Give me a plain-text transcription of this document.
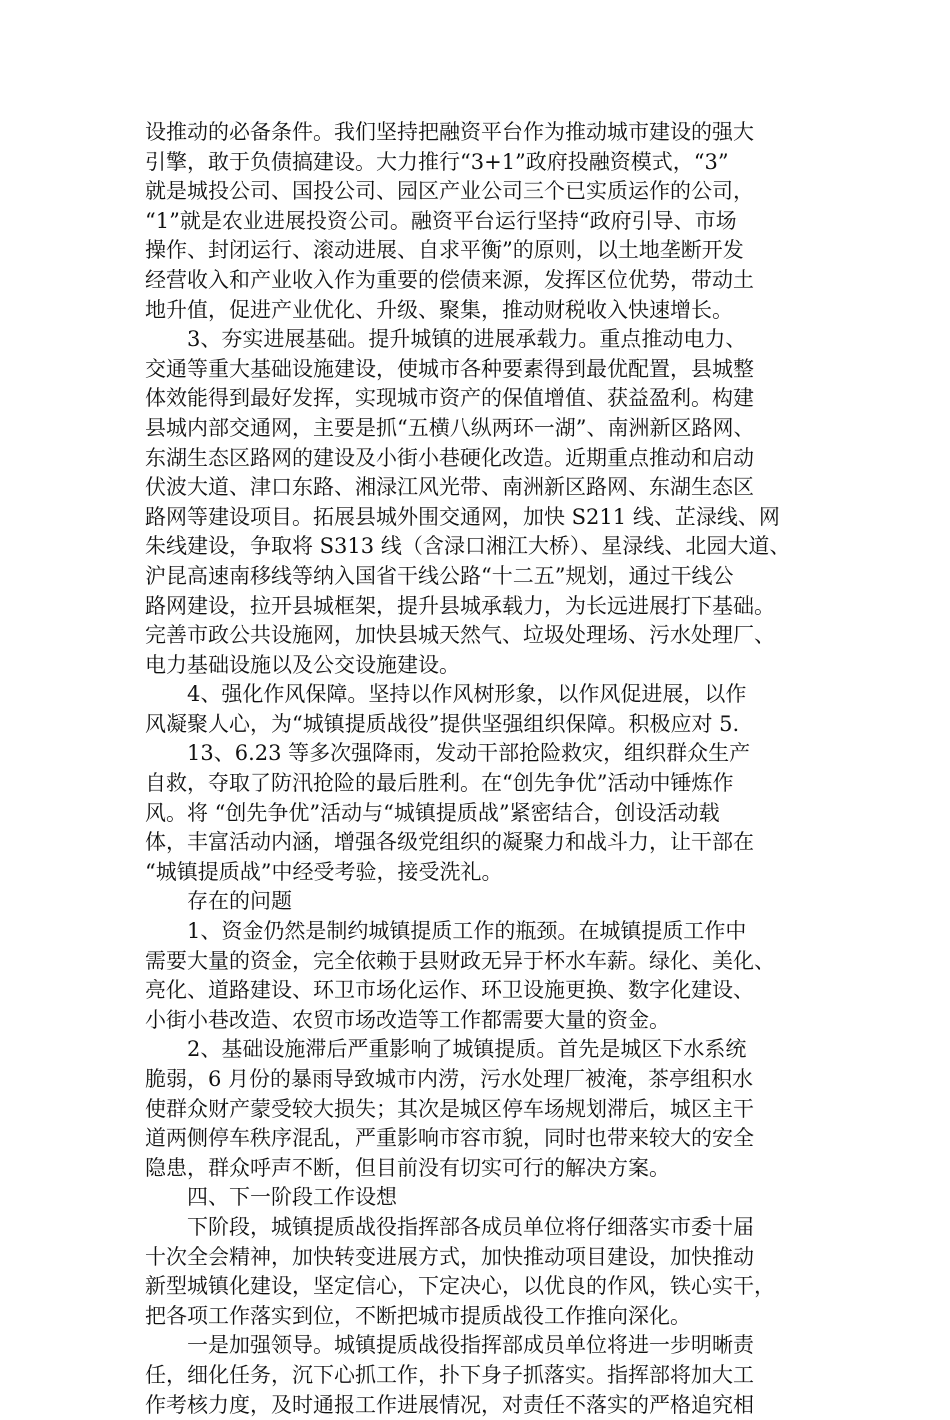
设推动的必备条件。我们坚持把融资平台作为推动城市建设的强大
引擎，敢于负债搞建设。大力推行“3+1”政府投融资模式，“3”
就是城投公司、国投公司、园区产业公司三个已实质运作的公司，
“1”就是农业进展投资公司。融资平台运行坚持“政府引导、市场
操作、封闭运行、滚动进展、自求平衡”的原则，以土地垄断开发
经营收入和产业收入作为重要的偿债来源，发挥区位优势，带动土
地升值，促进产业优化、升级、聚集，推动财税收入快速增长。
3、夯实进展基础。提升城镇的进展承载力。重点推动电力、
交通等重大基础设施建设，使城市各种要素得到最优配置，县城整
体效能得到最好发挥，实现城市资产的保值增值、获益盈利。构建
县城内部交通网，主要是抓“五横八纵两环一湖”、南洲新区路网、
东湖生态区路网的建设及小街小巷硬化改造。近期重点推动和启动
伏波大道、津口东路、湘渌江风光带、南洲新区路网、东湖生态区
路网等建设项目。拓展县城外围交通网，加快 S211 线、芷渌线、网
朱线建设，争取将 S313 线（含渌口湘江大桥）、星渌线、北园大道、
沪昆高速南移线等纳入国省干线公路“十二五”规划，通过干线公
路网建设，拉开县城框架，提升县城承载力，为长远进展打下基础。
完善市政公共设施网，加快县城天然气、垃圾处理场、污水处理厂、
电力基础设施以及公交设施建设。
4、强化作风保障。坚持以作风树形象，以作风促进展，以作
风凝聚人心，为“城镇提质战役”提供坚强组织保障。积极应对 5.
13、6.23 等多次强降雨，发动干部抢险救灾，组织群众生产
自救，夺取了防汛抢险的最后胜利。在“创先争优”活动中锤炼作
风。将 “创先争优”活动与“城镇提质战”紧密结合，创设活动载
体，丰富活动内涵，增强各级党组织的凝聚力和战斗力，让干部在
“城镇提质战”中经受考验，接受洗礼。
存在的问题
1、资金仍然是制约城镇提质工作的瓶颈。在城镇提质工作中
需要大量的资金，完全依赖于县财政无异于杯水车薪。绿化、美化、
亮化、道路建设、环卫市场化运作、环卫设施更换、数字化建设、
小街小巷改造、农贸市场改造等工作都需要大量的资金。
2、基础设施滞后严重影响了城镇提质。首先是城区下水系统
脆弱，6 月份的暴雨导致城市内涝，污水处理厂被淹，茶亭组积水
使群众财产蒙受较大损失；其次是城区停车场规划滞后，城区主干
道两侧停车秩序混乱，严重影响市容市貌，同时也带来较大的安全
隐患，群众呼声不断，但目前没有切实可行的解决方案。
四、下一阶段工作设想
下阶段，城镇提质战役指挥部各成员单位将仔细落实市委十届
十次全会精神，加快转变进展方式，加快推动项目建设，加快推动
新型城镇化建设，坚定信心，下定决心，以优良的作风，铁心实干，
把各项工作落实到位，不断把城市提质战役工作推向深化。
一是加强领导。城镇提质战役指挥部成员单位将进一步明晰责
任，细化任务，沉下心抓工作，扑下身子抓落实。指挥部将加大工
作考核力度，及时通报工作进展情况，对责任不落实的严格追究相
